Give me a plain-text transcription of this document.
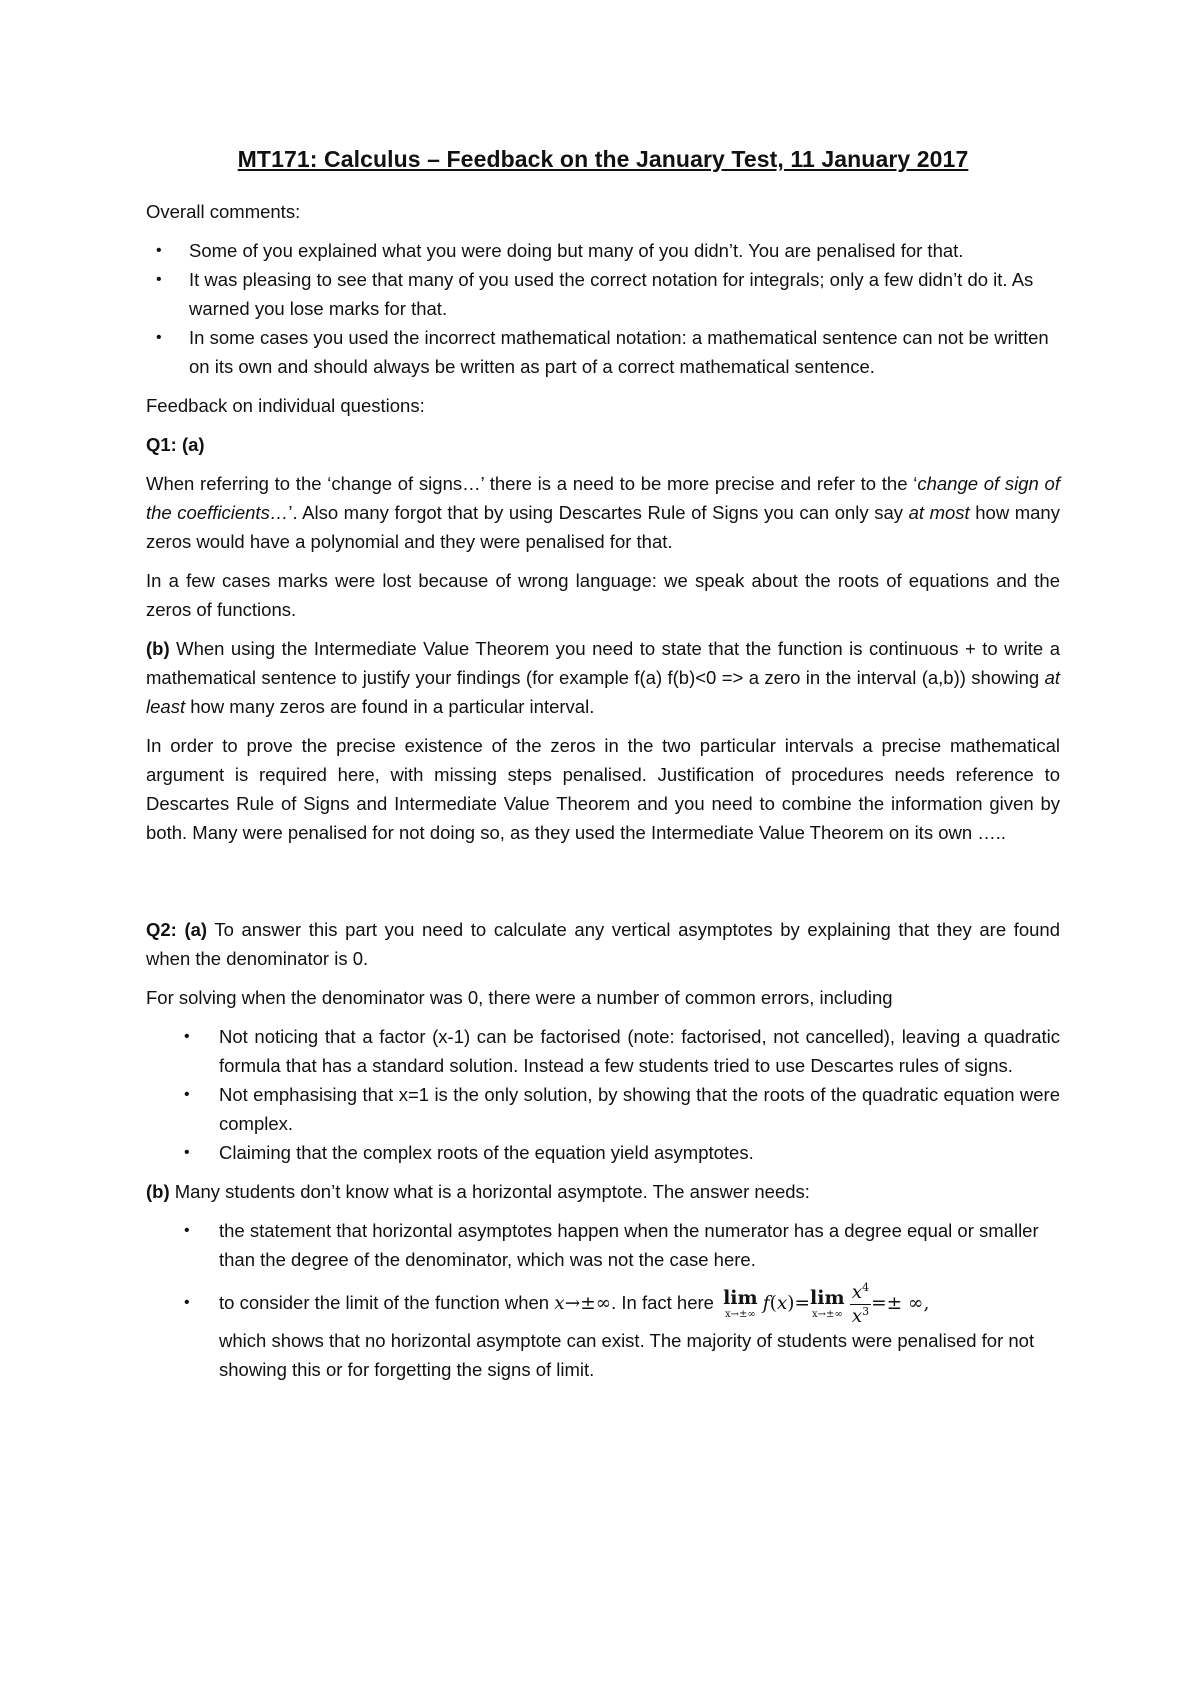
MT171: Calculus – Feedback on the January Test, 11 January 2017

Overall comments:

• Some of you explained what you were doing but many of you didn’t. You are penalised for that.
• It was pleasing to see that many of you used the correct notation for integrals; only a few didn’t do it. As warned you lose marks for that.
• In some cases you used the incorrect mathematical notation: a mathematical sentence can not be written on its own and should always be written as part of a correct mathematical sentence.

Feedback on individual questions:

Q1: (a)

When referring to the ‘change of signs…’ there is a need to be more precise and refer to the ‘change of sign of the coefficients…’. Also many forgot that by using Descartes Rule of Signs you can only say at most how many zeros would have a polynomial and they were penalised for that.

In a few cases marks were lost because of wrong language: we speak about the roots of equations and the zeros of functions.

(b) When using the Intermediate Value Theorem you need to state that the function is continuous + to write a mathematical sentence to justify your findings (for example f(a) f(b)<0 => a zero in the interval (a,b)) showing at least how many zeros are found in a particular interval.

In order to prove the precise existence of the zeros in the two particular intervals a precise mathematical argument is required here, with missing steps penalised. Justification of procedures needs reference to Descartes Rule of Signs and Intermediate Value Theorem and you need to combine the information given by both. Many were penalised for not doing so, as they used the Intermediate Value Theorem on its own …..

Q2: (a) To answer this part you need to calculate any vertical asymptotes by explaining that they are found when the denominator is 0.

For solving when the denominator was 0, there were a number of common errors, including

• Not noticing that a factor (x-1) can be factorised (note: factorised, not cancelled), leaving a quadratic formula that has a standard solution. Instead a few students tried to use Descartes rules of signs.
• Not emphasising that x=1 is the only solution, by showing that the roots of the quadratic equation were complex.
• Claiming that the complex roots of the equation yield asymptotes.

(b) Many students don’t know what is a horizontal asymptote. The answer needs:

• the statement that horizontal asymptotes happen when the numerator has a degree equal or smaller than the degree of the denominator, which was not the case here.
• to consider the limit of the function when x→±∞. In fact here lim
x→±∞
f(x)= lim
x→±∞
$\frac{x^4}{x^3}$ =± ∞,
which shows that no horizontal asymptote can exist. The majority of students were penalised for not showing this or for forgetting the signs of limit.
